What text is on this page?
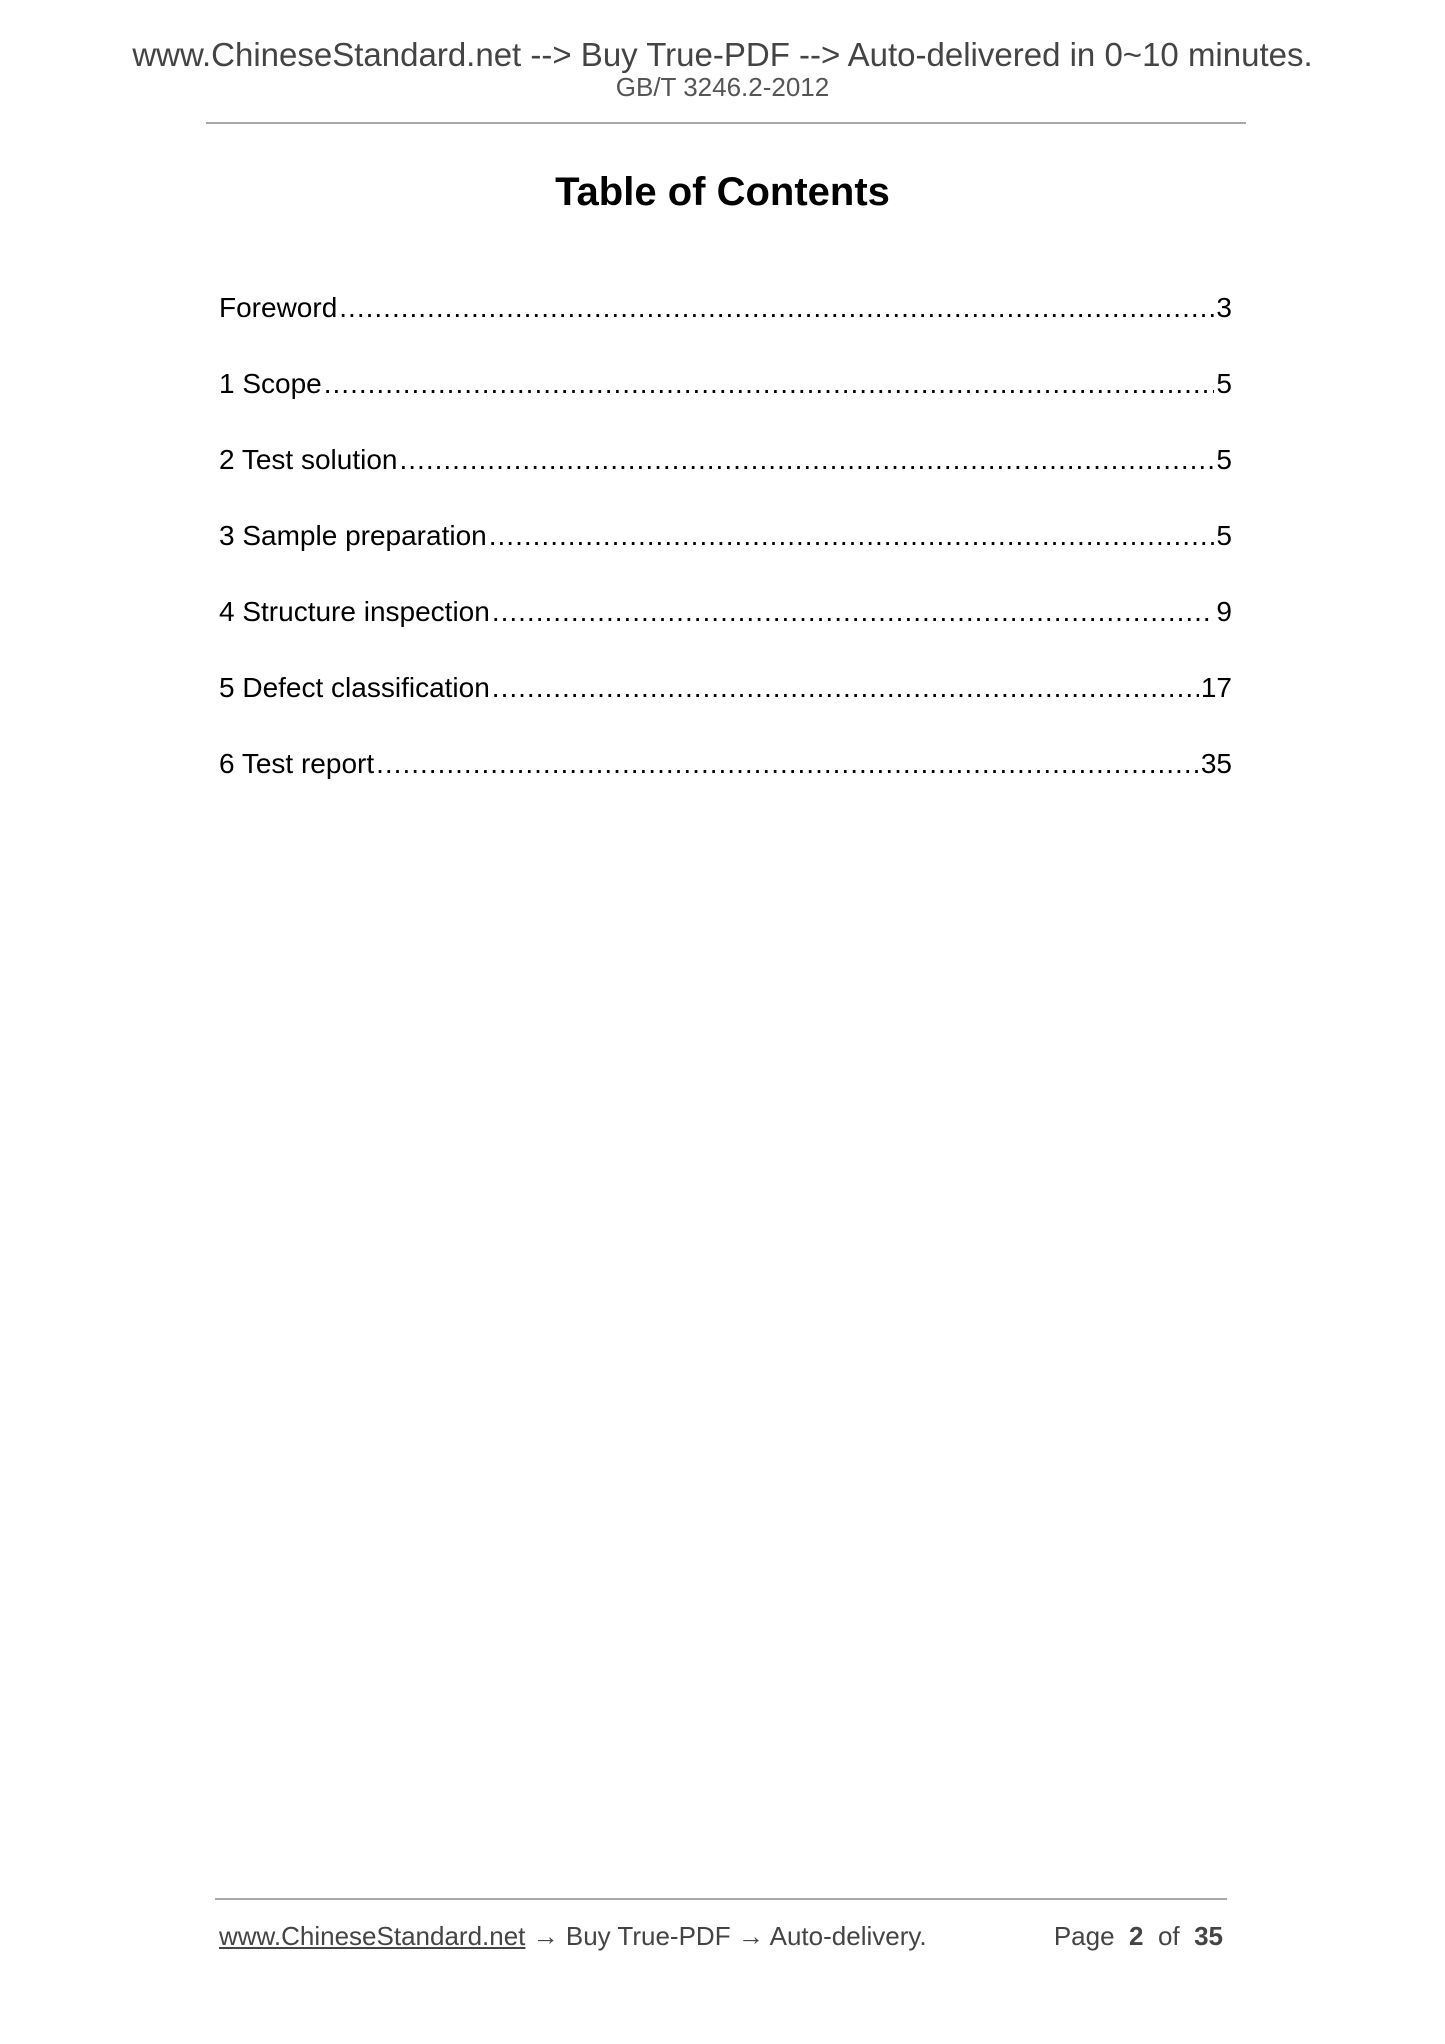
www.ChineseStandard.net --> Buy True-PDF --> Auto-delivered in 0~10 minutes.
GB/T 3246.2-2012
Table of Contents
Foreword .....	3
1 Scope .....	5
2 Test solution .....	5
3 Sample preparation .....	5
4 Structure inspection .....	9
5 Defect classification .....	17
6 Test report .....	35
www.ChineseStandard.net → Buy True-PDF → Auto-delivery.	Page 2 of 35
